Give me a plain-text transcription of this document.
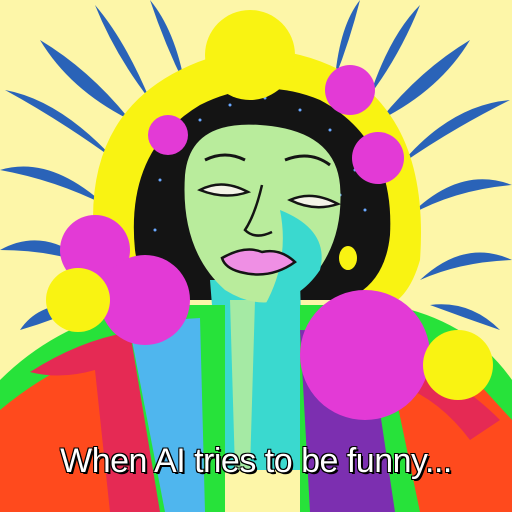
When AI tries to be funny...
